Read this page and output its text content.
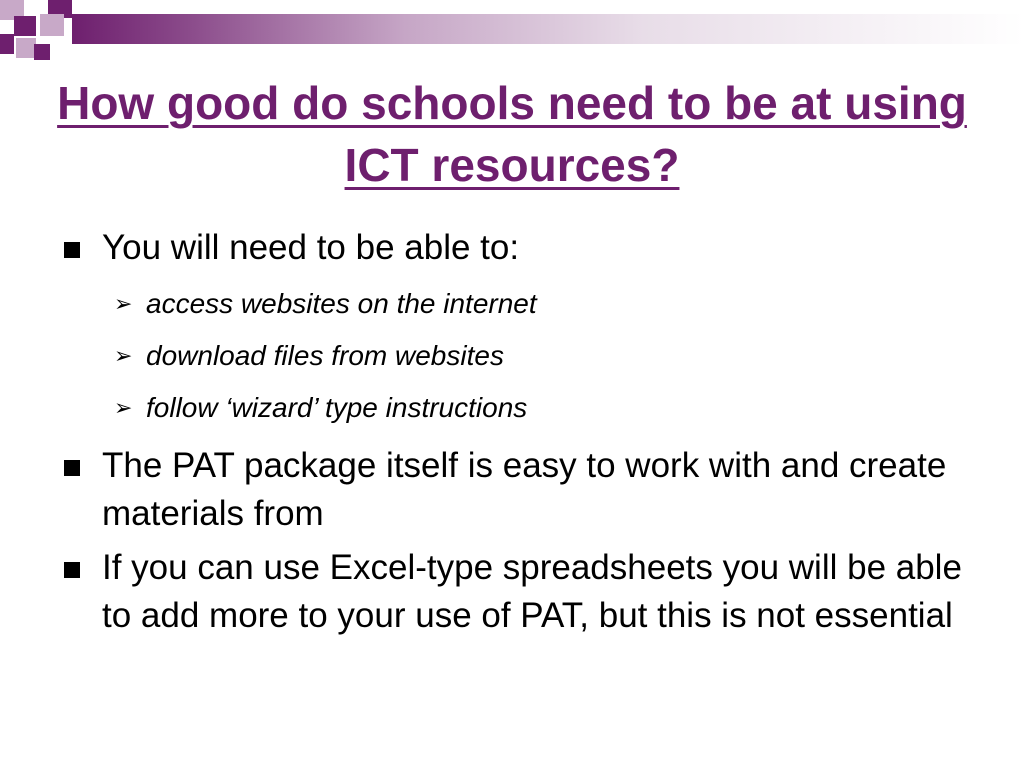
How good do schools need to be at using ICT resources?
You will need to be able to:
➢ access websites on the internet
➢ download files from websites
➢ follow ‘wizard’ type instructions
The PAT package itself is easy to work with and create materials from
If you can use Excel-type spreadsheets you will be able to add more to your use of PAT, but this is not essential
